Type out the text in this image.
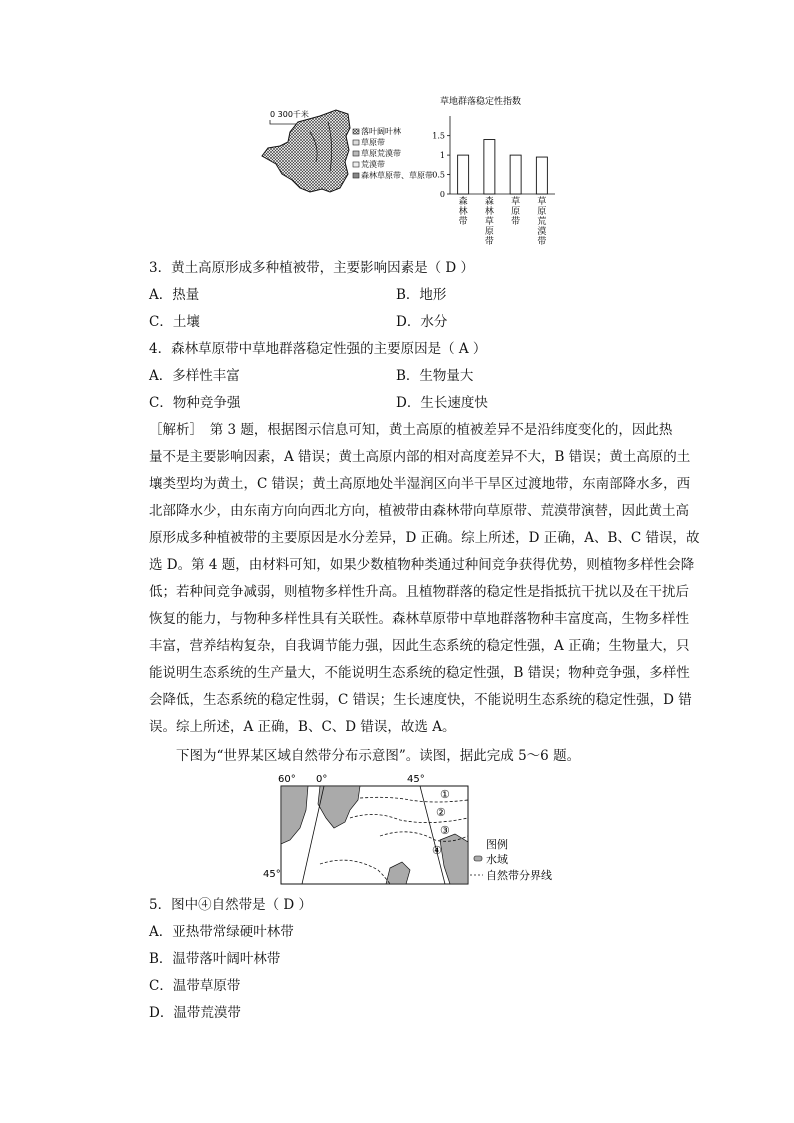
0 300千米
落叶阔叶林
草原带
草原荒漠带
荒漠带
森林草原带、草原带
草地群落稳定性指数
0
0.5
1
1.5
森
林
带
森
林
草
原
带
草
原
带
草
原
荒
漠
带
3．黄土高原形成多种植被带，主要影响因素是（ D ）
A．热量	B．地形
C．土壤	D．水分
4．森林草原带中草地群落稳定性强的主要原因是（ A ）
A．多样性丰富	B．生物量大
C．物种竞争强	D．生长速度快
［解析］　第 3 题，根据图示信息可知，黄土高原的植被差异不是沿纬度变化的，因此热
量不是主要影响因素，A 错误；黄土高原内部的相对高度差异不大，B 错误；黄土高原的土
壤类型均为黄土，C 错误；黄土高原地处半湿润区向半干旱区过渡地带，东南部降水多，西
北部降水少，由东南方向向西北方向，植被带由森林带向草原带、荒漠带演替，因此黄土高
原形成多种植被带的主要原因是水分差异，D 正确。综上所述，D 正确，A、B、C 错误，故
选 D。第 4 题，由材料可知，如果少数植物种类通过种间竞争获得优势，则植物多样性会降
低；若种间竞争减弱，则植物多样性升高。且植物群落的稳定性是指抵抗干扰以及在干扰后
恢复的能力，与物种多样性具有关联性。森林草原带中草地群落物种丰富度高，生物多样性
丰富，营养结构复杂，自我调节能力强，因此生态系统的稳定性强，A 正确；生物量大，只
能说明生态系统的生产量大，不能说明生态系统的稳定性强，B 错误；物种竞争强，多样性
会降低，生态系统的稳定性弱，C 错误；生长速度快，不能说明生态系统的稳定性强，D 错
误。综上所述，A 正确，B、C、D 错误，故选 A。
下图为“世界某区域自然带分布示意图”。读图，据此完成 5～6 题。
60° 0°	45°
45°
①
②
③
④	图例
水域
自然带分界线
5．图中④自然带是（ D ）
A．亚热带常绿硬叶林带
B．温带落叶阔叶林带
C．温带草原带
D．温带荒漠带
